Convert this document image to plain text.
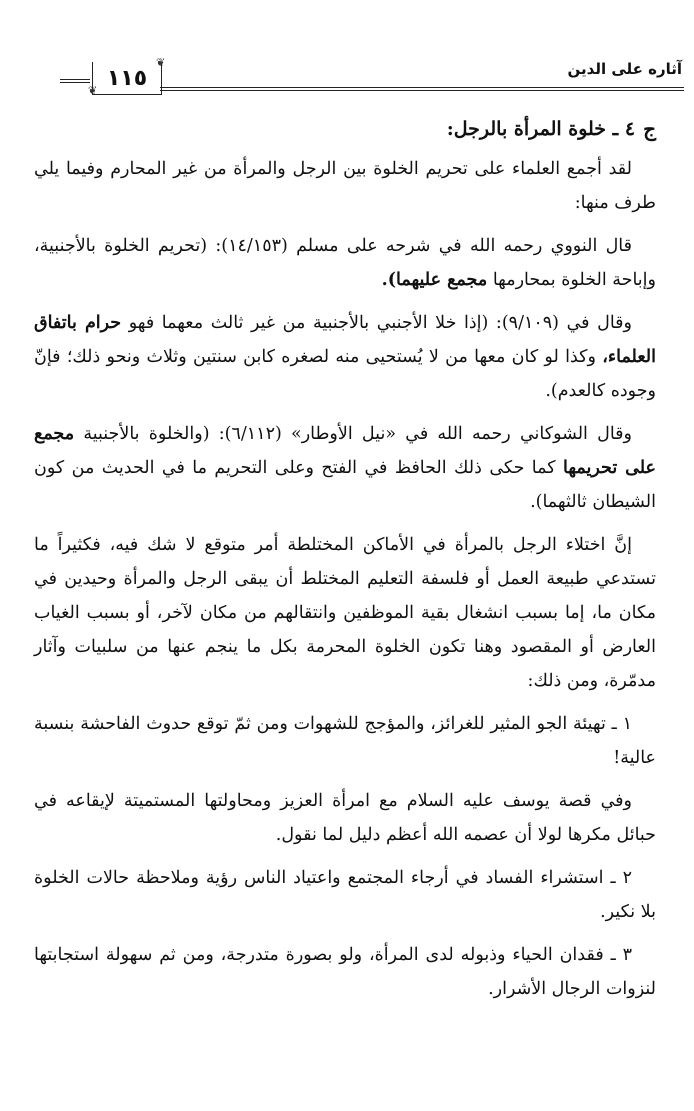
آثاره على الدين
١١٥
❦
❦
ج
٤ ـ خلوة المرأة بالرجل:

لقد أجمع العلماء على تحريم الخلوة بين الرجل والمرأة من غير المحارم وفيما يلي طرف منها:

قال النووي رحمه الله في شرحه على مسلم (١٤/١٥٣): (تحريم الخلوة بالأجنبية، وإباحة الخلوة بمحارمها مجمع عليهما).

وقال في (٩/١٠٩): (إذا خلا الأجنبي بالأجنبية من غير ثالث معهما فهو حرام باتفاق العلماء، وكذا لو كان معها من لا يُستحيى منه لصغره كابن سنتين وثلاث ونحو ذلك؛ فإنّ وجوده كالعدم).

وقال الشوكاني رحمه الله في «نيل الأوطار» (٦/١١٢): (والخلوة بالأجنبية مجمع على تحريمها كما حكى ذلك الحافظ في الفتح وعلى التحريم ما في الحديث من كون الشيطان ثالثهما).

إنَّ اختلاء الرجل بالمرأة في الأماكن المختلطة أمر متوقع لا شك فيه، فكثيراً ما تستدعي طبيعة العمل أو فلسفة التعليم المختلط أن يبقى الرجل والمرأة وحيدين في مكان ما، إما بسبب انشغال بقية الموظفين وانتقالهم من مكان لآخر، أو بسبب الغياب العارض أو المقصود وهنا تكون الخلوة المحرمة بكل ما ينجم عنها من سلبيات وآثار مدمّرة، ومن ذلك:

١ ـ تهيئة الجو المثير للغرائز، والمؤجج للشهوات ومن ثمّ توقع حدوث الفاحشة بنسبة عالية!

وفي قصة يوسف عليه السلام مع امرأة العزيز ومحاولتها المستميتة لإيقاعه في حبائل مكرها لولا أن عصمه الله أعظم دليل لما نقول.

٢ ـ استشراء الفساد في أرجاء المجتمع واعتياد الناس رؤية وملاحظة حالات الخلوة بلا نكير.

٣ ـ فقدان الحياء وذبوله لدى المرأة، ولو بصورة متدرجة، ومن ثم سهولة استجابتها لنزوات الرجال الأشرار.
